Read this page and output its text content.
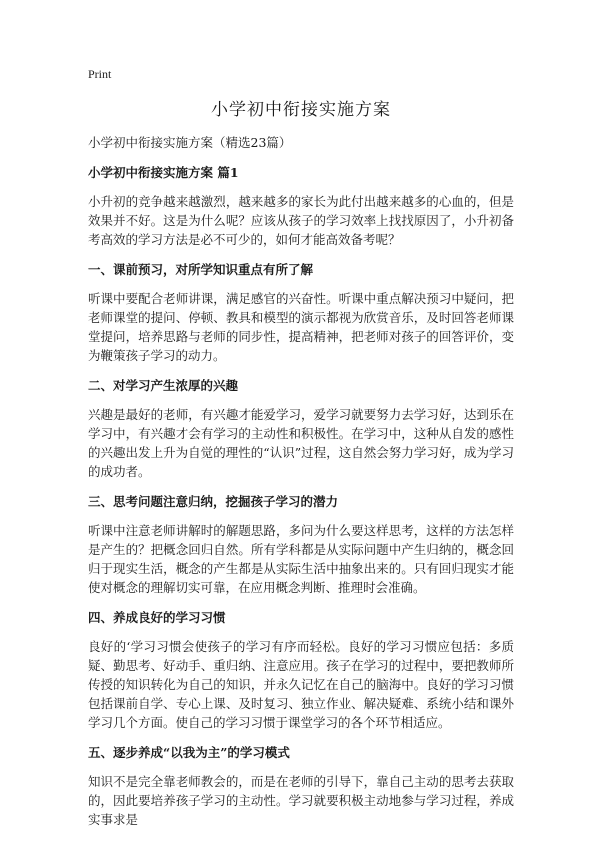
Print
小学初中衔接实施方案

小学初中衔接实施方案（精选23篇）

小学初中衔接实施方案 篇1

小升初的竞争越来越激烈，越来越多的家长为此付出越来越多的心血的，但是效果并不好。这是为什么呢？应该从孩子的学习效率上找找原因了，小升初备考高效的学习方法是必不可少的，如何才能高效备考呢？

一、课前预习，对所学知识重点有所了解

听课中要配合老师讲课，满足感官的兴奋性。听课中重点解决预习中疑问，把老师课堂的提问、停顿、教具和模型的演示都视为欣赏音乐，及时回答老师课堂提问，培养思路与老师的同步性，提高精神，把老师对孩子的回答评价，变为鞭策孩子学习的动力。

二、对学习产生浓厚的兴趣

兴趣是最好的老师，有兴趣才能爱学习，爱学习就要努力去学习好，达到乐在学习中，有兴趣才会有学习的主动性和积极性。在学习中，这种从自发的感性的兴趣出发上升为自觉的理性的“认识”过程，这自然会努力学习好，成为学习的成功者。

三、思考问题注意归纳，挖掘孩子学习的潜力

听课中注意老师讲解时的解题思路，多问为什么要这样思考，这样的方法怎样是产生的？把概念回归自然。所有学科都是从实际问题中产生归纳的，概念回归于现实生活，概念的产生都是从实际生活中抽象出来的。只有回归现实才能使对概念的理解切实可靠，在应用概念判断、推理时会准确。

四、养成良好的学习习惯

良好的‘学习习惯会使孩子的学习有序而轻松。良好的学习习惯应包括：多质疑、勤思考、好动手、重归纳、注意应用。孩子在学习的过程中，要把教师所传授的知识转化为自己的知识，并永久记忆在自己的脑海中。良好的学习习惯包括课前自学、专心上课、及时复习、独立作业、解决疑难、系统小结和课外学习几个方面。使自己的学习习惯于课堂学习的各个环节相适应。

五、逐步养成“以我为主”的学习模式

知识不是完全靠老师教会的，而是在老师的引导下，靠自己主动的思考去获取的，因此要培养孩子学习的主动性。学习就要积极主动地参与学习过程，养成实事求是
